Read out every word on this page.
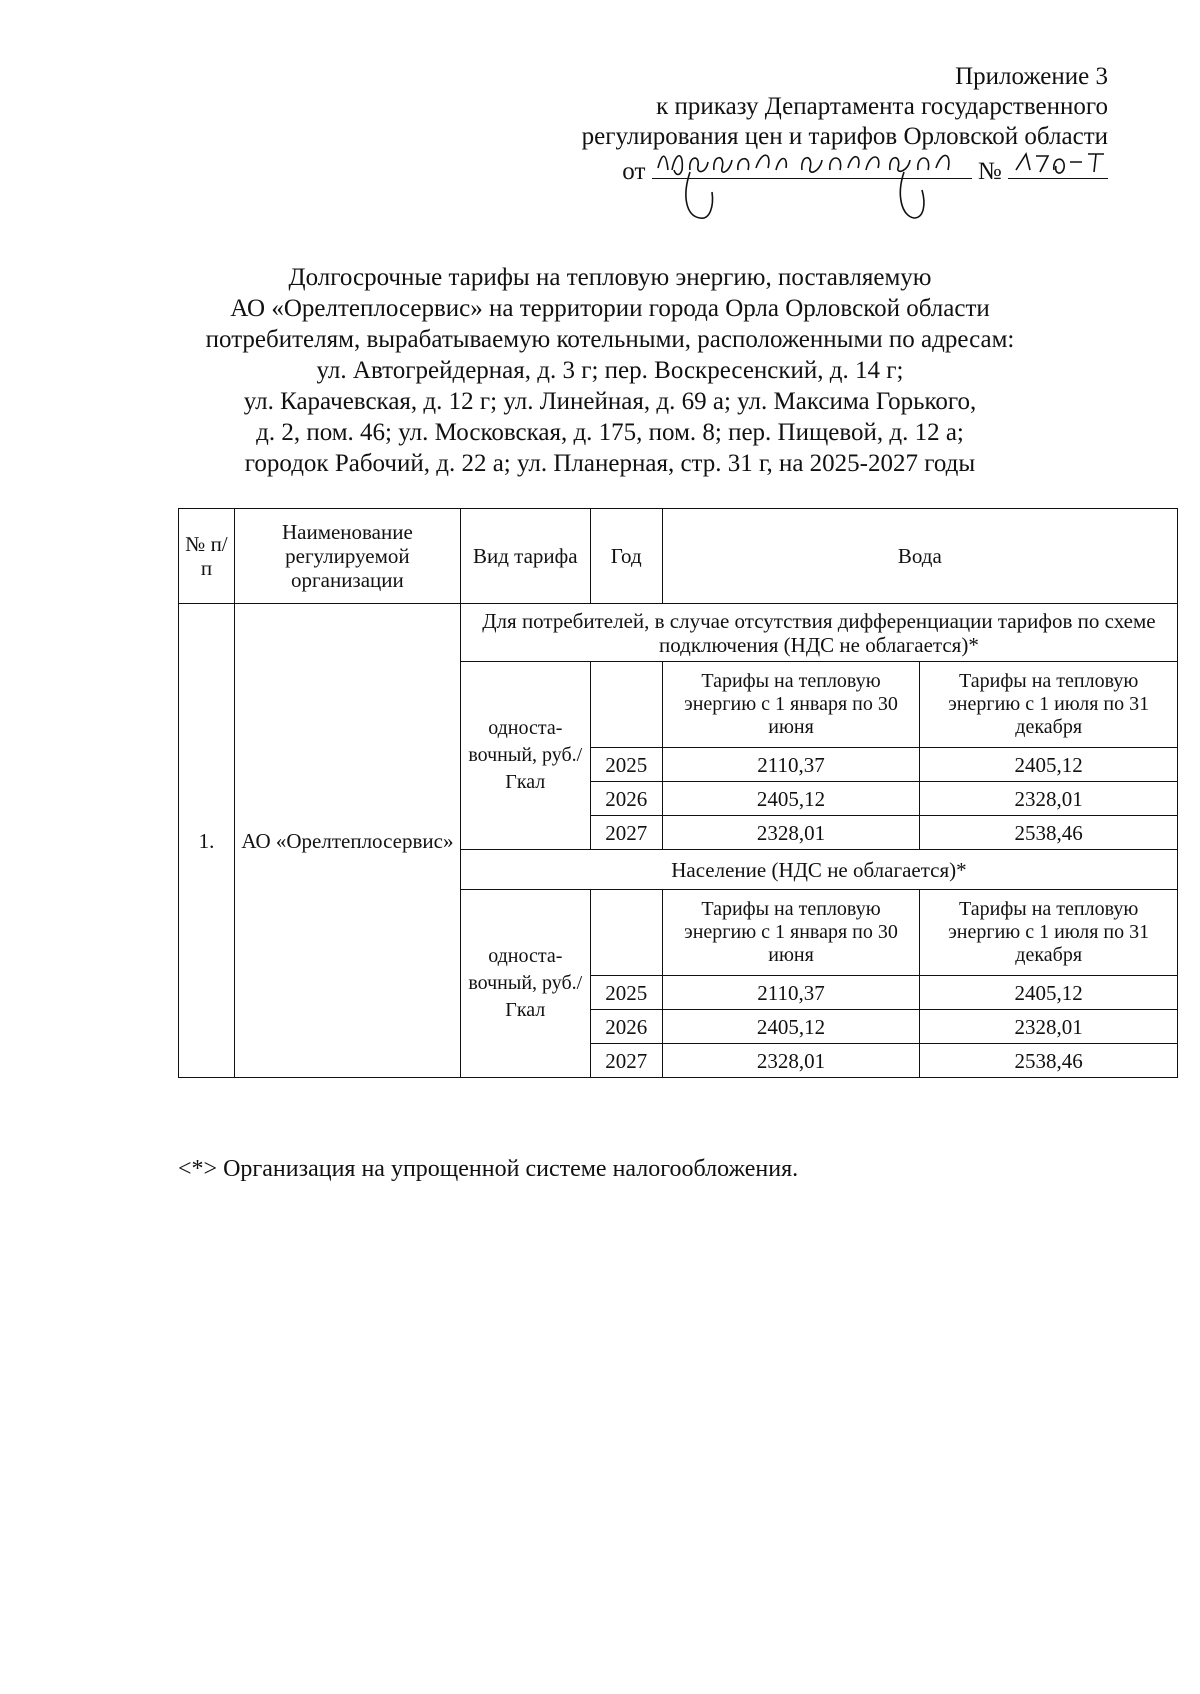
Приложение 3
к приказу Департамента государственного
регулирования цен и тарифов Орловской области
от	№
Долгосрочные тарифы на тепловую энергию, поставляемую
АО «Орелтеплосервис» на территории города Орла Орловской области
потребителям, вырабатываемую котельными, расположенными по адресам:
ул. Автогрейдерная, д. 3 г; пер. Воскресенский, д. 14 г;
ул. Карачевская, д. 12 г; ул. Линейная, д. 69 а; ул. Максима Горького,
д. 2, пом. 46; ул. Московская, д. 175, пом. 8; пер. Пищевой, д. 12 а;
городок Рабочий, д. 22 а; ул. Планерная, стр. 31 г, на 2025-2027 годы
№ п/п	Наименование регулируемой организации	Вид тарифа	Год	Вода	
1.	АО «Орелтеплосервис»	Для потребителей, в случае отсутствия дифференциации тарифов по схеме подключения (НДС не облагается)*			
		односта-вочный, руб./Гкал		Тарифы на тепловую энергию с 1 января по 30 июня	Тарифы на тепловую энергию с 1 июля по 31 декабря
			2025	2110,37	2405,12
			2026	2405,12	2328,01
			2027	2328,01	2538,46
		Население (НДС не облагается)*			
		односта-вочный, руб./Гкал		Тарифы на тепловую энергию с 1 января по 30 июня	Тарифы на тепловую энергию с 1 июля по 31 декабря
			2025	2110,37	2405,12
			2026	2405,12	2328,01
			2027	2328,01	2538,46
<*> Организация на упрощенной системе налогообложения.
